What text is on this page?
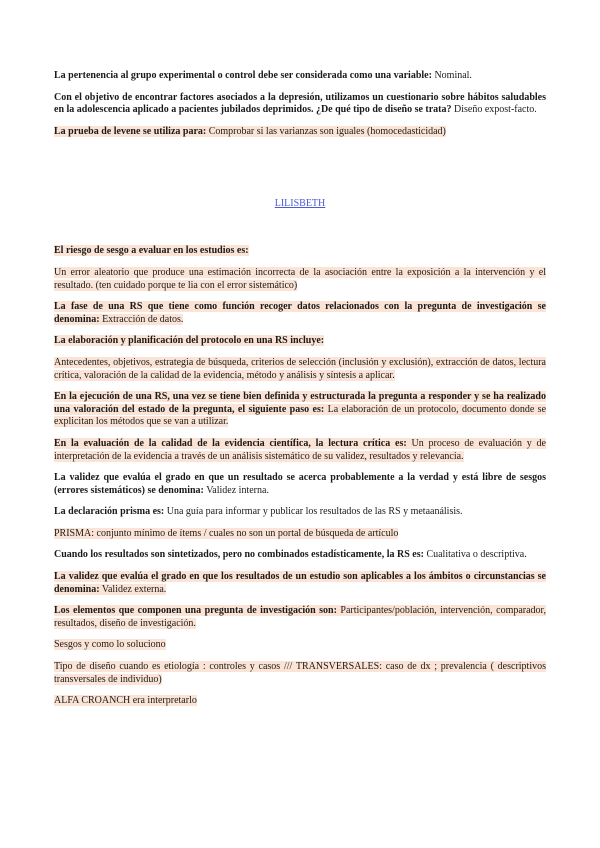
La pertenencia al grupo experimental o control debe ser considerada como una variable: Nominal.

Con el objetivo de encontrar factores asociados a la depresión, utilizamos un cuestionario sobre hábitos saludables en la adolescencia aplicado a pacientes jubilados deprimidos. ¿De qué tipo de diseño se trata? Diseño expost-facto.

La prueba de levene se utiliza para: Comprobar si las varianzas son iguales (homocedasticidad)

LILISBETH

El riesgo de sesgo a evaluar en los estudios es:

Un error aleatorio que produce una estimación incorrecta de la asociación entre la exposición a la intervención y el resultado. (ten cuidado porque te lia con el error sistemático)

La fase de una RS que tiene como función recoger datos relacionados con la pregunta de investigación se denomina: Extracción de datos.

La elaboración y planificación del protocolo en una RS incluye:

Antecedentes, objetivos, estrategia de búsqueda, criterios de selección (inclusión y exclusión), extracción de datos, lectura crítica, valoración de la calidad de la evidencia, método y análisis y síntesis a aplicar.

En la ejecución de una RS, una vez se tiene bien definida y estructurada la pregunta a responder y se ha realizado una valoración del estado de la pregunta, el siguiente paso es: La elaboración de un protocolo, documento donde se explicitan los métodos que se van a utilizar.

En la evaluación de la calidad de la evidencia científica, la lectura crítica es: Un proceso de evaluación y de interpretación de la evidencia a través de un análisis sistemático de su validez, resultados y relevancia.

La validez que evalúa el grado en que un resultado se acerca probablemente a la verdad y está libre de sesgos (errores sistemáticos) se denomina: Validez interna.

La declaración prisma es: Una guía para informar y publicar los resultados de las RS y metaanálisis.

PRISMA: conjunto mínimo de ítems / cuales no son un portal de búsqueda de artículo

Cuando los resultados son sintetizados, pero no combinados estadísticamente, la RS es: Cualitativa o descriptiva.

La validez que evalúa el grado en que los resultados de un estudio son aplicables a los ámbitos o circunstancias se denomina: Validez externa.

Los elementos que componen una pregunta de investigación son: Participantes/población, intervención, comparador, resultados, diseño de investigación.

Sesgos y como lo soluciono

Tipo de diseño cuando es etiología : controles y casos /// TRANSVERSALES: caso de dx ; prevalencia ( descriptivos transversales de individuo)

ALFA CROANCH era interpretarlo
